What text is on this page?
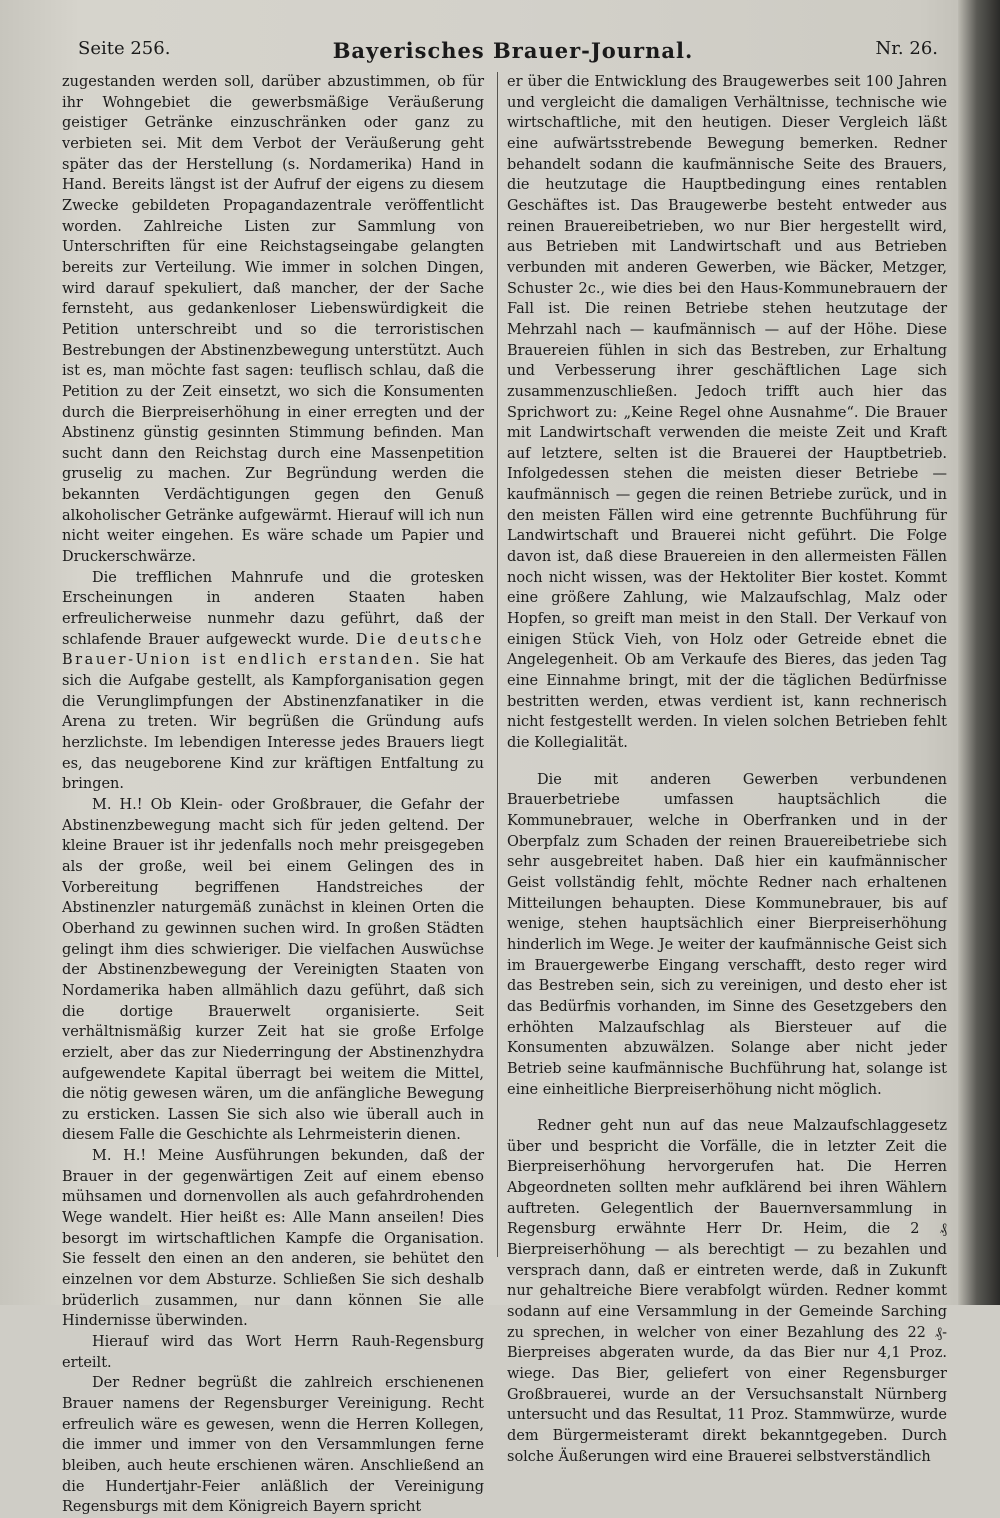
Seite 256.	Bayerisches Brauer-Journal.	Nr. 26.

zugestanden werden soll, darüber abzustimmen, ob für ihr Wohngebiet die gewerbsmäßige Veräußerung geistiger Getränke einzuschränken oder ganz zu verbieten sei. Mit dem Verbot der Veräußerung geht später das der Herstellung (s. Nordamerika) Hand in Hand. Bereits längst ist der Aufruf der eigens zu diesem Zwecke gebildeten Propagandazentrale veröffentlicht worden. Zahlreiche Listen zur Sammlung von Unterschriften für eine Reichstagseingabe gelangten bereits zur Verteilung. Wie immer in solchen Dingen, wird darauf spekuliert, daß mancher, der der Sache fernsteht, aus gedankenloser Liebenswürdigkeit die Petition unterschreibt und so die terroristischen Bestrebungen der Abstinenzbewegung unterstützt. Auch ist es, man möchte fast sagen: teuflisch schlau, daß die Petition zu der Zeit einsetzt, wo sich die Konsumenten durch die Bierpreiserhöhung in einer erregten und der Abstinenz günstig gesinnten Stimmung befinden. Man sucht dann den Reichstag durch eine Massenpetition gruselig zu machen. Zur Begründung werden die bekannten Verdächtigungen gegen den Genuß alkoholischer Getränke aufgewärmt. Hierauf will ich nun nicht weiter eingehen. Es wäre schade um Papier und Druckerschwärze.

Die trefflichen Mahnrufe und die grotesken Erscheinungen in anderen Staaten haben erfreulicherweise nunmehr dazu geführt, daß der schlafende Brauer aufgeweckt wurde. Die deutsche Brauer-Union ist endlich erstanden. Sie hat sich die Aufgabe gestellt, als Kampforganisation gegen die Verunglimpfungen der Abstinenzfanatiker in die Arena zu treten. Wir begrüßen die Gründung aufs herzlichste. Im lebendigen Interesse jedes Brauers liegt es, das neugeborene Kind zur kräftigen Entfaltung zu bringen.

M. H.! Ob Klein- oder Großbrauer, die Gefahr der Abstinenzbewegung macht sich für jeden geltend. Der kleine Brauer ist ihr jedenfalls noch mehr preisgegeben als der große, weil bei einem Gelingen des in Vorbereitung begriffenen Handstreiches der Abstinenzler naturgemäß zunächst in kleinen Orten die Oberhand zu gewinnen suchen wird. In großen Städten gelingt ihm dies schwieriger. Die vielfachen Auswüchse der Abstinenzbewegung der Vereinigten Staaten von Nordamerika haben allmählich dazu geführt, daß sich die dortige Brauerwelt organisierte. Seit verhältnismäßig kurzer Zeit hat sie große Erfolge erzielt, aber das zur Niederringung der Abstinenzhydra aufgewendete Kapital überragt bei weitem die Mittel, die nötig gewesen wären, um die anfängliche Bewegung zu ersticken. Lassen Sie sich also wie überall auch in diesem Falle die Geschichte als Lehrmeisterin dienen.

M. H.! Meine Ausführungen bekunden, daß der Brauer in der gegenwärtigen Zeit auf einem ebenso mühsamen und dornenvollen als auch gefahrdrohenden Wege wandelt. Hier heißt es: Alle Mann anseilen! Dies besorgt im wirtschaftlichen Kampfe die Organisation. Sie fesselt den einen an den anderen, sie behütet den einzelnen vor dem Absturze. Schließen Sie sich deshalb brüderlich zusammen, nur dann können Sie alle Hindernisse überwinden.

Hierauf wird das Wort Herrn Rauh-Regensburg erteilt.

Der Redner begrüßt die zahlreich erschienenen Brauer namens der Regensburger Vereinigung. Recht erfreulich wäre es gewesen, wenn die Herren Kollegen, die immer und immer von den Versammlungen ferne bleiben, auch heute erschienen wären. Anschließend an die Hundertjahr-Feier anläßlich der Vereinigung Regensburgs mit dem Königreich Bayern spricht

er über die Entwicklung des Braugewerbes seit 100 Jahren und vergleicht die damaligen Verhältnisse, technische wie wirtschaftliche, mit den heutigen. Dieser Vergleich läßt eine aufwärtsstrebende Bewegung bemerken. Redner behandelt sodann die kaufmännische Seite des Brauers, die heutzutage die Hauptbedingung eines rentablen Geschäftes ist. Das Braugewerbe besteht entweder aus reinen Brauereibetrieben, wo nur Bier hergestellt wird, aus Betrieben mit Landwirtschaft und aus Betrieben verbunden mit anderen Gewerben, wie Bäcker, Metzger, Schuster 2c., wie dies bei den Haus-Kommunebrauern der Fall ist. Die reinen Betriebe stehen heutzutage der Mehrzahl nach — kaufmännisch — auf der Höhe. Diese Brauereien fühlen in sich das Bestreben, zur Erhaltung und Verbesserung ihrer geschäftlichen Lage sich zusammenzuschließen. Jedoch trifft auch hier das Sprichwort zu: „Keine Regel ohne Ausnahme“. Die Brauer mit Landwirtschaft verwenden die meiste Zeit und Kraft auf letztere, selten ist die Brauerei der Hauptbetrieb. Infolgedessen stehen die meisten dieser Betriebe — kaufmännisch — gegen die reinen Betriebe zurück, und in den meisten Fällen wird eine getrennte Buchführung für Landwirtschaft und Brauerei nicht geführt. Die Folge davon ist, daß diese Brauereien in den allermeisten Fällen noch nicht wissen, was der Hektoliter Bier kostet. Kommt eine größere Zahlung, wie Malzaufschlag, Malz oder Hopfen, so greift man meist in den Stall. Der Verkauf von einigen Stück Vieh, von Holz oder Getreide ebnet die Angelegenheit. Ob am Verkaufe des Bieres, das jeden Tag eine Einnahme bringt, mit der die täglichen Bedürfnisse bestritten werden, etwas verdient ist, kann rechnerisch nicht festgestellt werden. In vielen solchen Betrieben fehlt die Kollegialität.

Die mit anderen Gewerben verbundenen Brauerbetriebe umfassen hauptsächlich die Kommunebrauer, welche in Oberfranken und in der Oberpfalz zum Schaden der reinen Brauereibetriebe sich sehr ausgebreitet haben. Daß hier ein kaufmännischer Geist vollständig fehlt, möchte Redner nach erhaltenen Mitteilungen behaupten. Diese Kommunebrauer, bis auf wenige, stehen hauptsächlich einer Bierpreiserhöhung hinderlich im Wege. Je weiter der kaufmännische Geist sich im Brauergewerbe Eingang verschafft, desto reger wird das Bestreben sein, sich zu vereinigen, und desto eher ist das Bedürfnis vorhanden, im Sinne des Gesetzgebers den erhöhten Malzaufschlag als Biersteuer auf die Konsumenten abzuwälzen. Solange aber nicht jeder Betrieb seine kaufmännische Buchführung hat, solange ist eine einheitliche Bierpreiserhöhung nicht möglich.

Redner geht nun auf das neue Malzaufschlaggesetz über und bespricht die Vorfälle, die in letzter Zeit die Bierpreiserhöhung hervorgerufen hat. Die Herren Abgeordneten sollten mehr aufklärend bei ihren Wählern auftreten. Gelegentlich der Bauernversammlung in Regensburg erwähnte Herr Dr. Heim, die 2 ₰ Bierpreiserhöhung — als berechtigt — zu bezahlen und versprach dann, daß er eintreten werde, daß in Zukunft nur gehaltreiche Biere verabfolgt würden. Redner kommt sodann auf eine Versammlung in der Gemeinde Sarching zu sprechen, in welcher von einer Bezahlung des 22 ₰-Bierpreises abgeraten wurde, da das Bier nur 4,1 Proz. wiege. Das Bier, geliefert von einer Regensburger Großbrauerei, wurde an der Versuchsanstalt Nürnberg untersucht und das Resultat, 11 Proz. Stammwürze, wurde dem Bürgermeisteramt direkt bekanntgegeben. Durch solche Äußerungen wird eine Brauerei selbstverständlich
